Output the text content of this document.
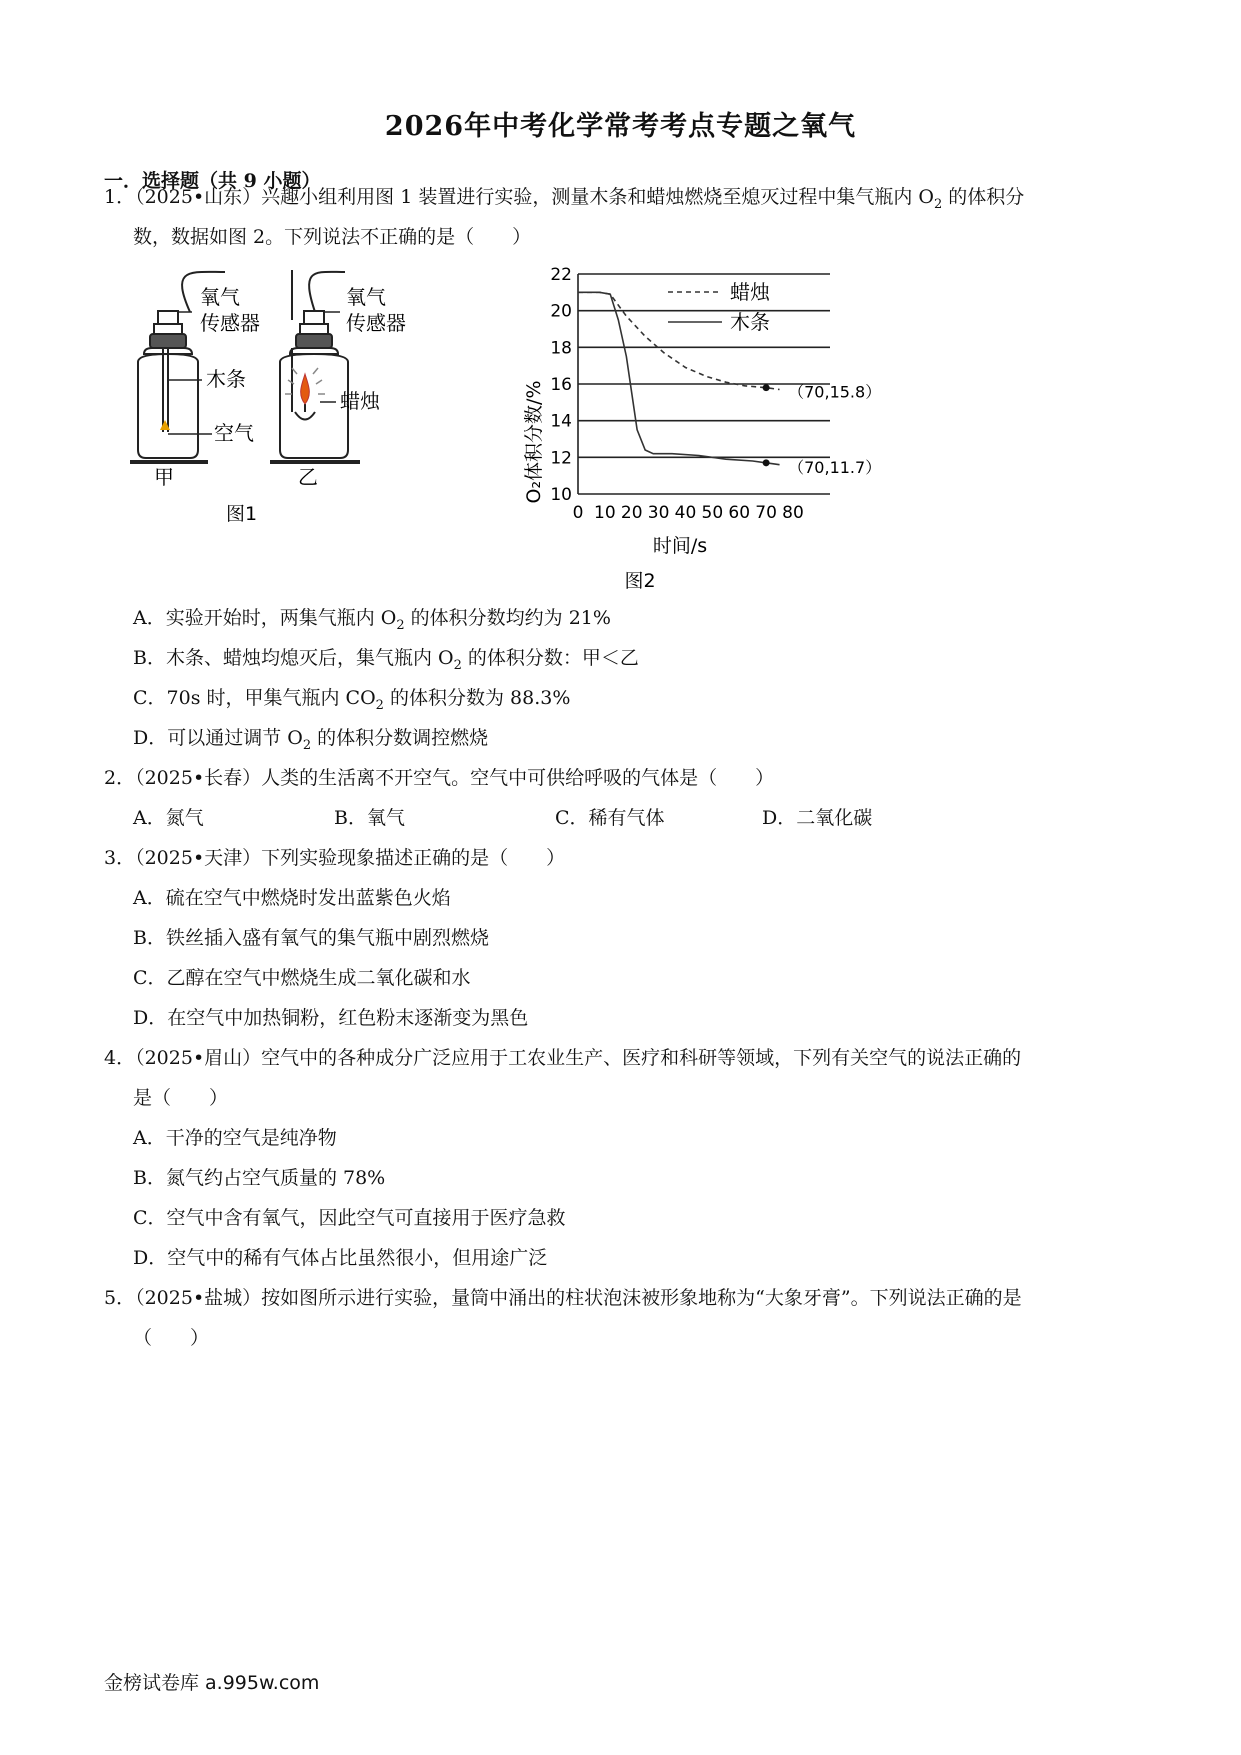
2026年中考化学常考考点专题之氧气
一．选择题（共 9 小题）
1．（2025•山东）兴趣小组利用图 1 装置进行实验，测量木条和蜡烛燃烧至熄灭过程中集气瓶内 $O_2$ 的体积分
数，数据如图 2。下列说法不正确的是（　　）
氧气
传感器
木条
空气
甲
氧气
传感器
蜡烛
乙
图1
O₂体积分数/%
时间/s
图2
10
12
14
16
18
20
22
0 10 20 30 40 50 60 70 80
蜡烛
木条
（70,15.8）
（70,11.7）
A．实验开始时，两集气瓶内 $O_2$ 的体积分数均约为 21%
B．木条、蜡烛均熄灭后，集气瓶内 $O_2$ 的体积分数：甲＜乙
C．70s 时，甲集气瓶内 $CO_2$ 的体积分数为 88.3%
D．可以通过调节 $O_2$ 的体积分数调控燃烧
2．（2025•长春）人类的生活离不开空气。空气中可供给呼吸的气体是（　　）
A．氮气	B．氧气	C．稀有气体	D．二氧化碳
3．（2025•天津）下列实验现象描述正确的是（　　）
A．硫在空气中燃烧时发出蓝紫色火焰
B．铁丝插入盛有氧气的集气瓶中剧烈燃烧
C．乙醇在空气中燃烧生成二氧化碳和水
D．在空气中加热铜粉，红色粉末逐渐变为黑色
4．（2025•眉山）空气中的各种成分广泛应用于工农业生产、医疗和科研等领域，下列有关空气的说法正确的
是（　　）
A．干净的空气是纯净物
B．氮气约占空气质量的 78%
C．空气中含有氧气，因此空气可直接用于医疗急救
D．空气中的稀有气体占比虽然很小，但用途广泛
5．（2025•盐城）按如图所示进行实验，量筒中涌出的柱状泡沫被形象地称为“大象牙膏”。下列说法正确的是
（　　）
金榜试卷库 a.995w.com
